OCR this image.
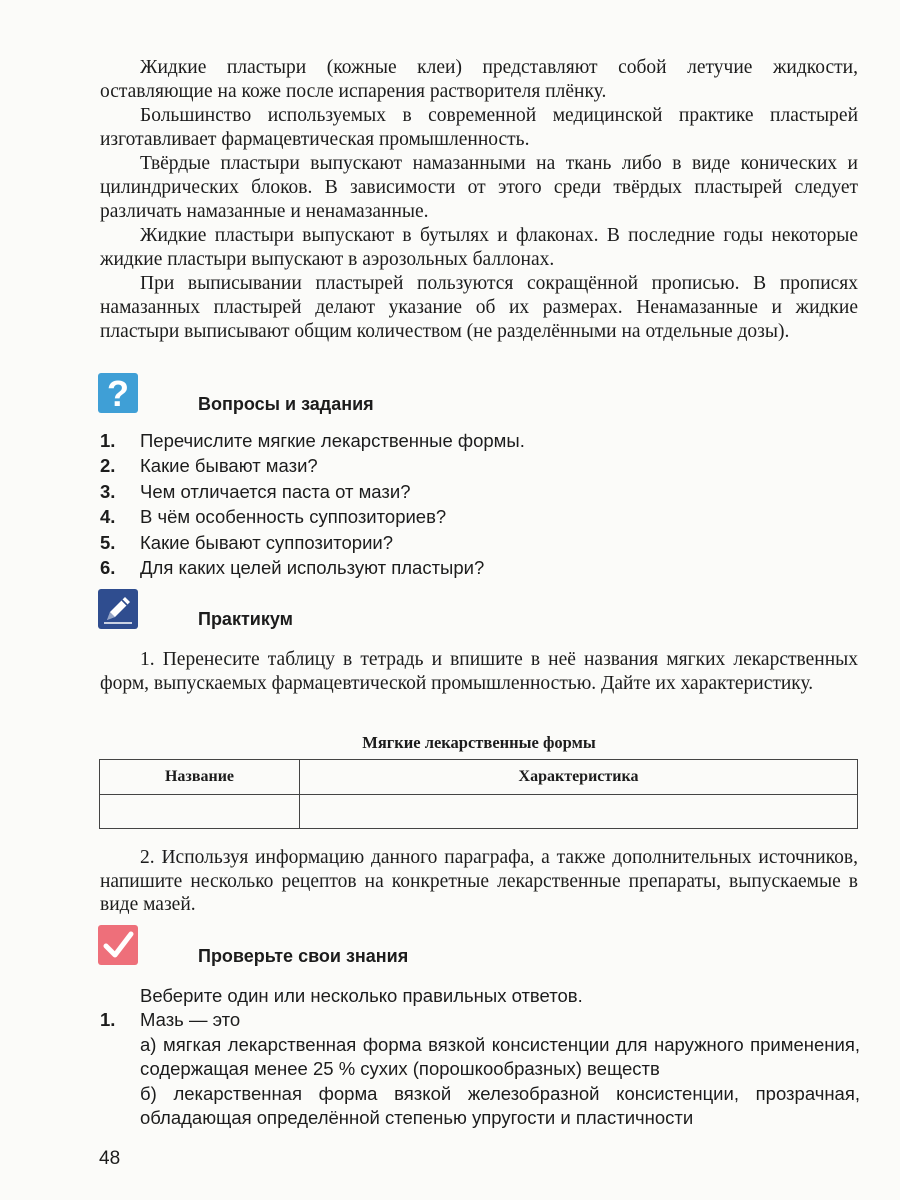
Жидкие пластыри (кожные клеи) представляют собой летучие жидкости, оставляющие на коже после испарения растворителя плёнку.

Большинство используемых в современной медицинской практике пластырей изготавливает фармацевтическая промышленность.

Твёрдые пластыри выпускают намазанными на ткань либо в виде конических и цилиндрических блоков. В зависимости от этого среди твёрдых пластырей следует различать намазанные и ненамазанные.

Жидкие пластыри выпускают в бутылях и флаконах. В последние годы некоторые жидкие пластыри выпускают в аэрозольных баллонах.

При выписывании пластырей пользуются сокращённой прописью. В прописях намазанных пластырей делают указание об их размерах. Ненамазанные и жидкие пластыри выписывают общим количеством (не разделёнными на отдельные дозы).

?	Вопросы и задания
1. Перечислите мягкие лекарственные формы.
2. Какие бывают мази?
3. Чем отличается паста от мази?
4. В чём особенность суппозиториев?
5. Какие бывают суппозитории?
6. Для каких целей используют пластыри?
Практикум

1. Перенесите таблицу в тетрадь и впишите в неё названия мягких лекарственных форм, выпускаемых фармацевтической промышленностью. Дайте их характеристику.

Мягкие лекарственные формы

Название	Характеристика

2. Используя информацию данного параграфа, а также дополнительных источников, напишите несколько рецептов на конкретные лекарственные препараты, выпускаемые в виде мазей.

Проверьте свои знания

Веберите один или несколько правильных ответов.

1. Мазь — это

а) мягкая лекарственная форма вязкой консистенции для наружного применения, содержащая менее 25 % сухих (порошкообразных) веществ

б) лекарственная форма вязкой железобразной консистенции, прозрачная, обладающая определённой степенью упругости и пластичности

48
